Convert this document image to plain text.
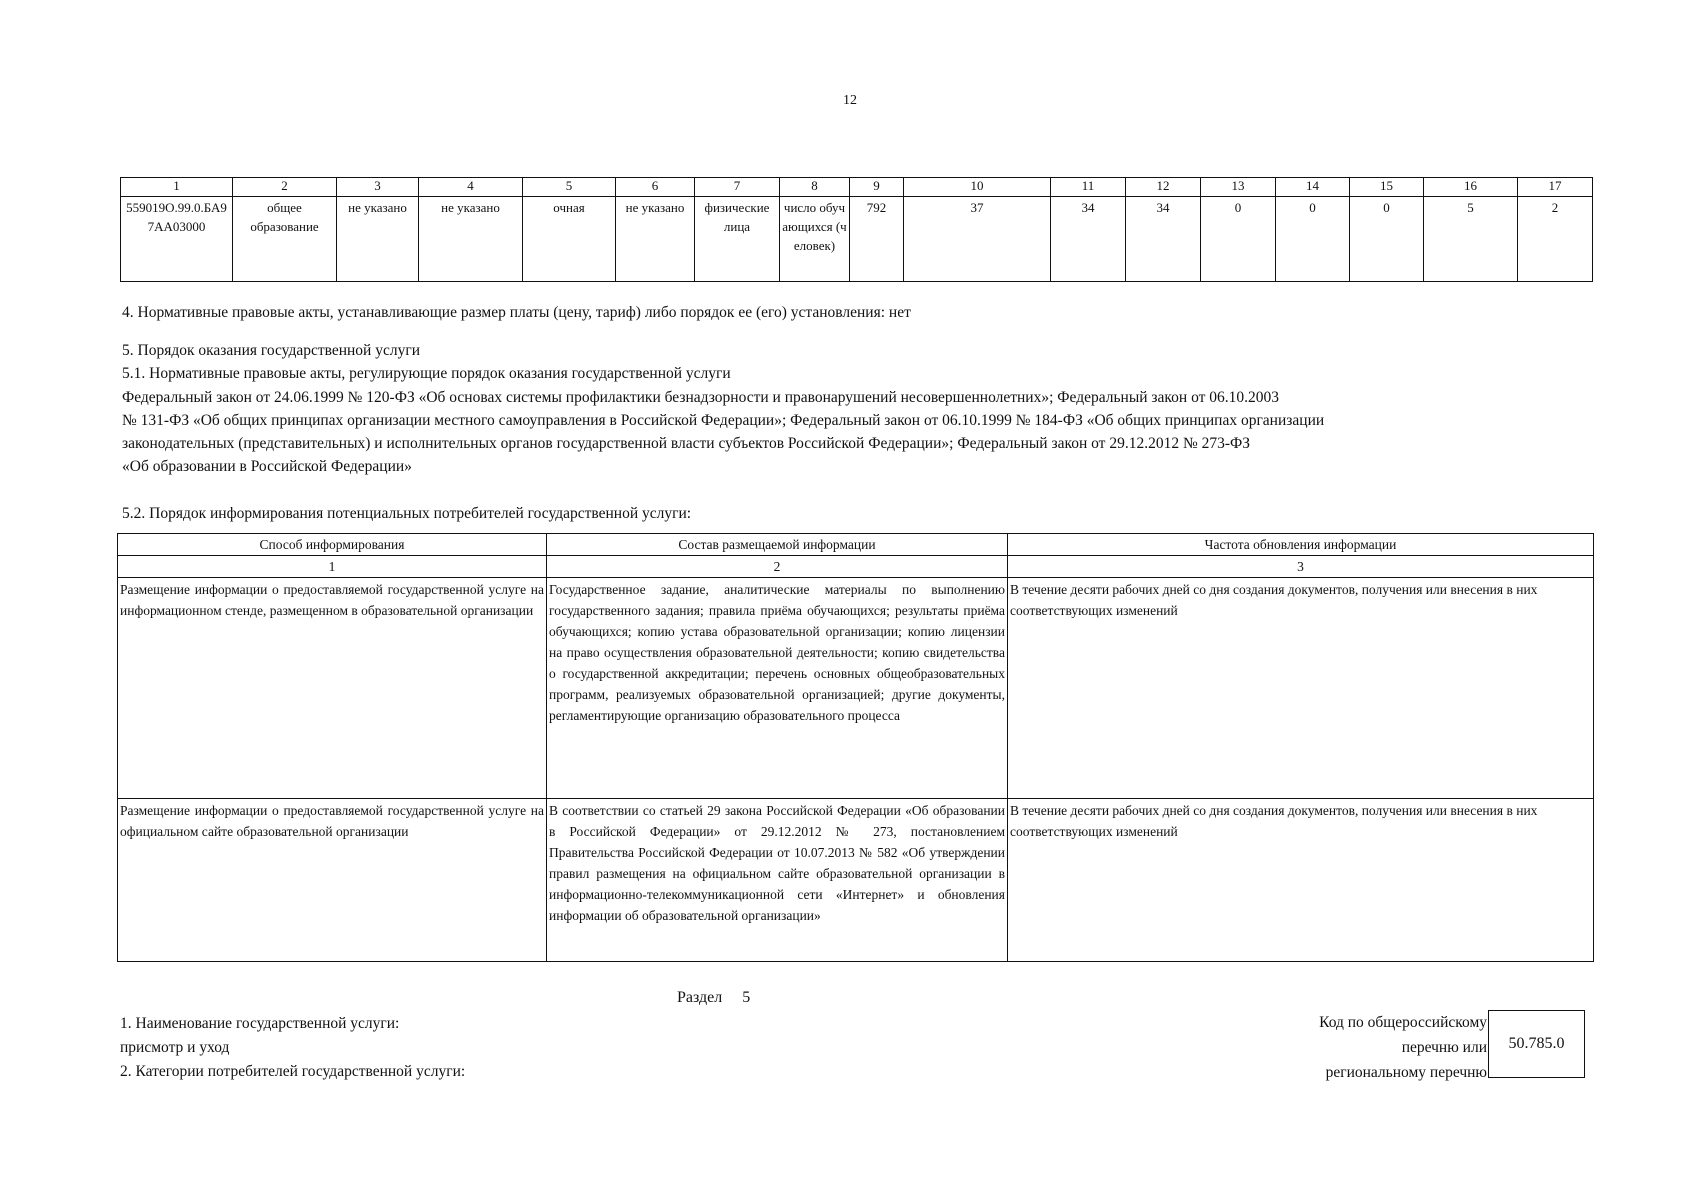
12
1	2	3	4	5	6	7	8	9	10	11	12	13	14	15	16	17
559019О.99.0.БА97АА03000	общее образование	не указано	не указано	очная	не указано	физические лица	число обучающихся (человек)	792	37	34	34	0	0	0	5	2
4. Нормативные правовые акты, устанавливающие размер платы (цену, тариф) либо порядок ее (его) установления: нет
5. Порядок оказания государственной услуги
5.1. Нормативные правовые акты, регулирующие порядок оказания государственной услуги
Федеральный закон от 24.06.1999 № 120-ФЗ «Об основах системы профилактики безнадзорности и правонарушений несовершеннолетних»; Федеральный закон от 06.10.2003
№ 131-ФЗ «Об общих принципах организации местного самоуправления в Российской Федерации»; Федеральный закон от 06.10.1999 № 184-ФЗ «Об общих принципах организации
законодательных (представительных) и исполнительных органов государственной власти субъектов Российской Федерации»; Федеральный закон от 29.12.2012 № 273-ФЗ
«Об образовании в Российской Федерации»
5.2. Порядок информирования потенциальных потребителей государственной услуги:
Способ информирования	Состав размещаемой информации	Частота обновления информации
1	2	3
Размещение информации о предоставляемой государственной услуге на информационном стенде, размещенном в образовательной организации	Государственное задание, аналитические материалы по выполнению государственного задания; правила приёма обучающихся; результаты приёма обучающихся; копию устава образовательной организации; копию лицензии на право осуществления образовательной деятельности; копию свидетельства о государственной аккредитации; перечень основных общеобразовательных программ, реализуемых образовательной организацией; другие документы, регламентирующие организацию образовательного процесса	В течение десяти рабочих дней со дня создания документов, получения или внесения в них соответствующих изменений
Размещение информации о предоставляемой государственной услуге на официальном сайте образовательной организации	В соответствии со статьей 29 закона Российской Федерации «Об образовании в Российской Федерации» от 29.12.2012 № 273, постановлением Правительства Российской Федерации от 10.07.2013 № 582 «Об утверждении правил размещения на официальном сайте образовательной организации в информационно-телекоммуникационной сети «Интернет» и обновления информации об образовательной организации»	В течение десяти рабочих дней со дня создания документов, получения или внесения в них соответствующих изменений
Раздел     5
1. Наименование государственной услуги:
присмотр и уход
2. Категории потребителей государственной услуги:
Код по общероссийскому
перечню или
региональному перечню
50.785.0
